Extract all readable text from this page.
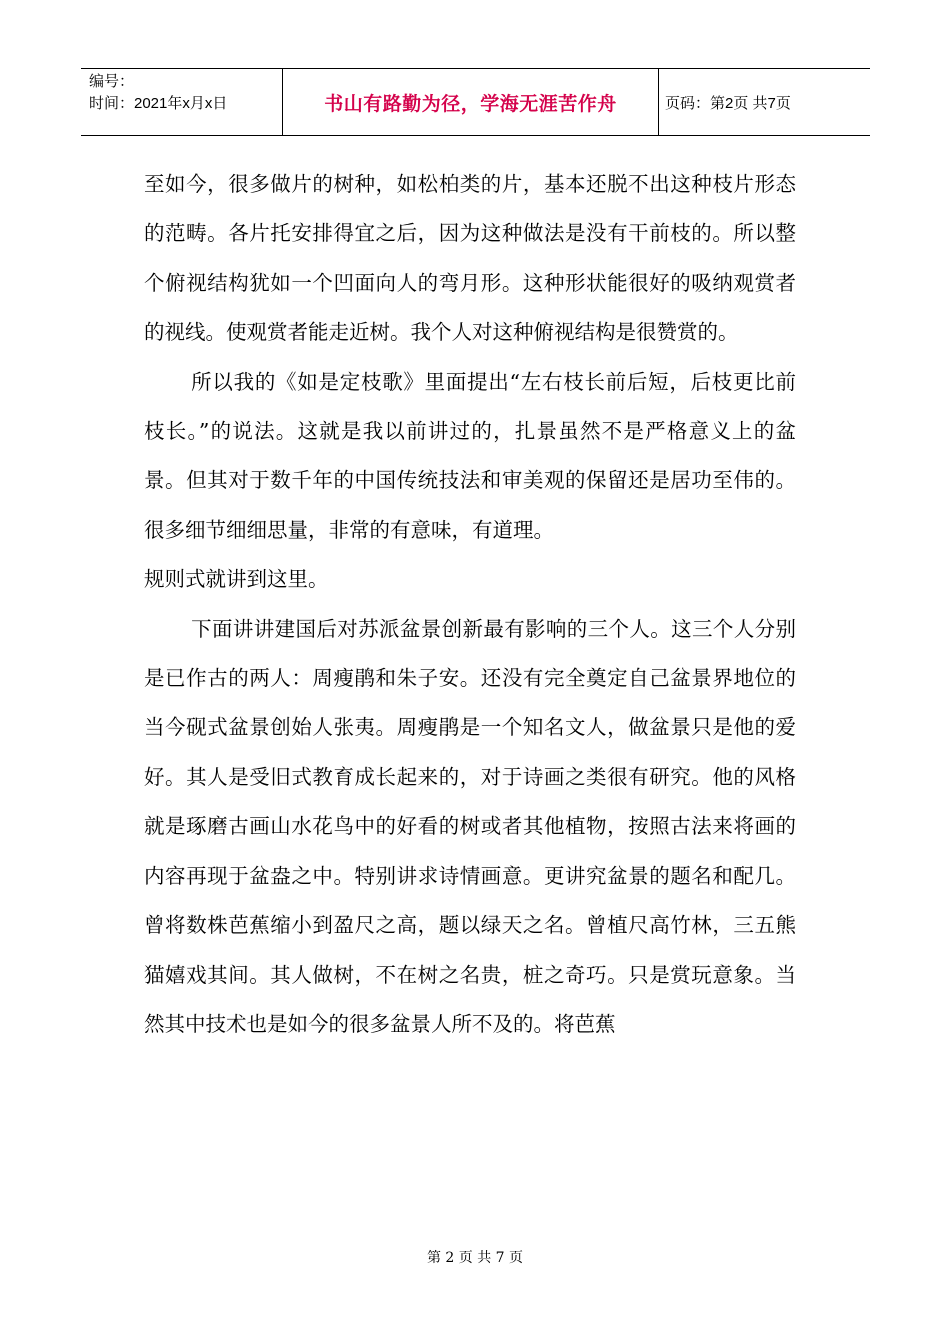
编号：
时间：2021年x月x日	书山有路勤为径，学海无涯苦作舟	页码：第2页 共7页

至如今，很多做片的树种，如松柏类的片，基本还脱不出这种枝片形态的范畴。各片托安排得宜之后，因为这种做法是没有干前枝的。所以整个俯视结构犹如一个凹面向人的弯月形。这种形状能很好的吸纳观赏者的视线。使观赏者能走近树。我个人对这种俯视结构是很赞赏的。

所以我的《如是定枝歌》里面提出“左右枝长前后短，后枝更比前枝长。”的说法。这就是我以前讲过的，扎景虽然不是严格意义上的盆景。但其对于数千年的中国传统技法和审美观的保留还是居功至伟的。很多细节细细思量，非常的有意味，有道理。

规则式就讲到这里。

下面讲讲建国后对苏派盆景创新最有影响的三个人。这三个人分别是已作古的两人：周瘦鹃和朱子安。还没有完全奠定自己盆景界地位的当今砚式盆景创始人张夷。周瘦鹃是一个知名文人，做盆景只是他的爱好。其人是受旧式教育成长起来的，对于诗画之类很有研究。他的风格就是琢磨古画山水花鸟中的好看的树或者其他植物，按照古法来将画的内容再现于盆盎之中。特别讲求诗情画意。更讲究盆景的题名和配几。曾将数株芭蕉缩小到盈尺之高，题以绿天之名。曾植尺高竹林，三五熊猫嬉戏其间。其人做树，不在树之名贵，桩之奇巧。只是赏玩意象。当然其中技术也是如今的很多盆景人所不及的。将芭蕉

第 2 页 共 7 页
